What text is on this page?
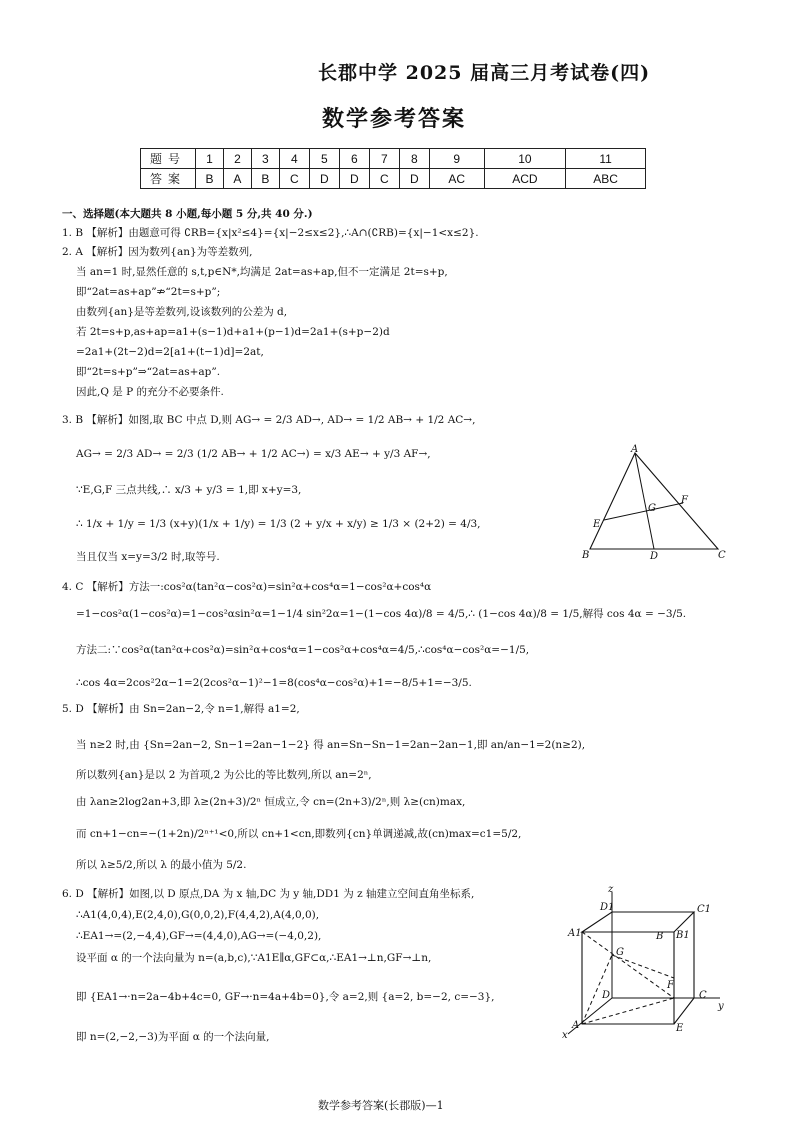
长郡中学 2025 届高三月考试卷(四)
数学参考答案
题号	1	2	3	4	5	6	7	8	9	10	11
答案	B	A	B	C	D	D	C	D	AC	ACD	ABC
一、选择题(本大题共 8 小题,每小题 5 分,共 40 分.)
1. B 【解析】由题意可得 ∁RB={x|x²≤4}={x|−2≤x≤2},∴A∩(∁RB)={x|−1<x≤2}.
2. A 【解析】因为数列{an}为等差数列,
当 an=1 时,显然任意的 s,t,p∈N*,均满足 2at=as+ap,但不一定满足 2t=s+p,
即“2at=as+ap”⇏“2t=s+p”;
由数列{an}是等差数列,设该数列的公差为 d,
若 2t=s+p,as+ap=a1+(s−1)d+a1+(p−1)d=2a1+(s+p−2)d
=2a1+(2t−2)d=2[a1+(t−1)d]=2at,
即“2t=s+p”⇒“2at=as+ap”.
因此,Q 是 P 的充分不必要条件.
3. B 【解析】如图,取 BC 中点 D,则 AG→ = 2/3 AD→, AD→ = 1/2 AB→ + 1/2 AC→,
AG→ = 2/3 AD→ = 2/3 (1/2 AB→ + 1/2 AC→) = x/3 AE→ + y/3 AF→,
∵E,G,F 三点共线,∴ x/3 + y/3 = 1,即 x+y=3,
∴ 1/x + 1/y = 1/3 (x+y)(1/x + 1/y) = 1/3 (2 + y/x + x/y) ≥ 1/3 × (2+2) = 4/3,
当且仅当 x=y=3/2 时,取等号.
4. C 【解析】方法一:cos²α(tan²α−cos²α)=sin²α+cos⁴α=1−cos²α+cos⁴α
=1−cos²α(1−cos²α)=1−cos²αsin²α=1−1/4 sin²2α=1−(1−cos 4α)/8 = 4/5,∴ (1−cos 4α)/8 = 1/5,解得 cos 4α = −3/5.
方法二:∵cos²α(tan²α+cos²α)=sin²α+cos⁴α=1−cos²α+cos⁴α=4/5,∴cos⁴α−cos²α=−1/5,
∴cos 4α=2cos²2α−1=2(2cos²α−1)²−1=8(cos⁴α−cos²α)+1=−8/5+1=−3/5.
5. D 【解析】由 Sn=2an−2,令 n=1,解得 a1=2,
当 n≥2 时,由 {Sn=2an−2, Sn−1=2an−1−2} 得 an=Sn−Sn−1=2an−2an−1,即 an/an−1=2(n≥2),
所以数列{an}是以 2 为首项,2 为公比的等比数列,所以 an=2ⁿ,
由 λan≥2log2an+3,即 λ≥(2n+3)/2ⁿ 恒成立,令 cn=(2n+3)/2ⁿ,则 λ≥(cn)max,
而 cn+1−cn=−(1+2n)/2ⁿ⁺¹<0,所以 cn+1<cn,即数列{cn}单调递减,故(cn)max=c1=5/2,
所以 λ≥5/2,所以 λ 的最小值为 5/2.
6. D 【解析】如图,以 D 原点,DA 为 x 轴,DC 为 y 轴,DD1 为 z 轴建立空间直角坐标系,
∴A1(4,0,4),E(2,4,0),G(0,0,2),F(4,4,2),A(4,0,0),
∴EA1→=(2,−4,4),GF→=(4,4,0),AG→=(−4,0,2),
设平面 α 的一个法向量为 n=(a,b,c),∵A1E∥α,GF⊂α,∴EA1→⊥n,GF→⊥n,
即 {EA1→·n=2a−4b+4c=0, GF→·n=4a+4b=0},令 a=2,则 {a=2, b=−2, c=−3},
即 n=(2,−2,−3)为平面 α 的一个法向量,
A
B	C
D
E
F
G
z
D1	C1
A1	B1
B
G
F
D	C
y
A
x
E
数学参考答案(长郡版)—1
